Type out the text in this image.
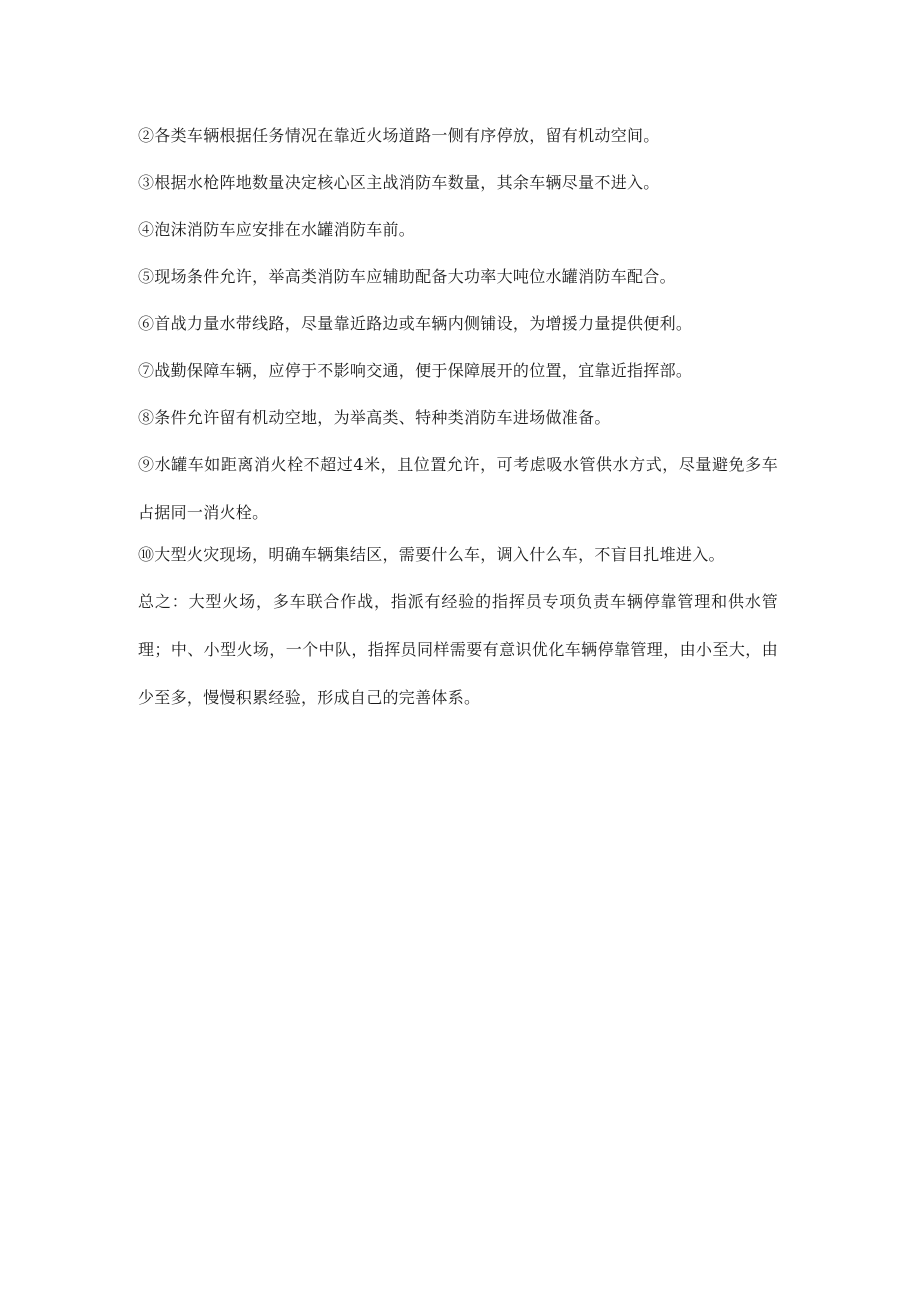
②各类车辆根据任务情况在靠近火场道路一侧有序停放，留有机动空间。

③根据水枪阵地数量决定核心区主战消防车数量，其余车辆尽量不进入。

④泡沫消防车应安排在水罐消防车前。

⑤现场条件允许，举高类消防车应辅助配备大功率大吨位水罐消防车配合。

⑥首战力量水带线路，尽量靠近路边或车辆内侧铺设，为增援力量提供便利。

⑦战勤保障车辆，应停于不影响交通，便于保障展开的位置，宜靠近指挥部。

⑧条件允许留有机动空地，为举高类、特种类消防车进场做准备。

⑨水罐车如距离消火栓不超过4米，且位置允许，可考虑吸水管供水方式，尽量避免多车占据同一消火栓。

⑩大型火灾现场，明确车辆集结区，需要什么车，调入什么车，不盲目扎堆进入。

总之：大型火场，多车联合作战，指派有经验的指挥员专项负责车辆停靠管理和供水管理；中、小型火场，一个中队，指挥员同样需要有意识优化车辆停靠管理，由小至大，由少至多，慢慢积累经验，形成自己的完善体系。
